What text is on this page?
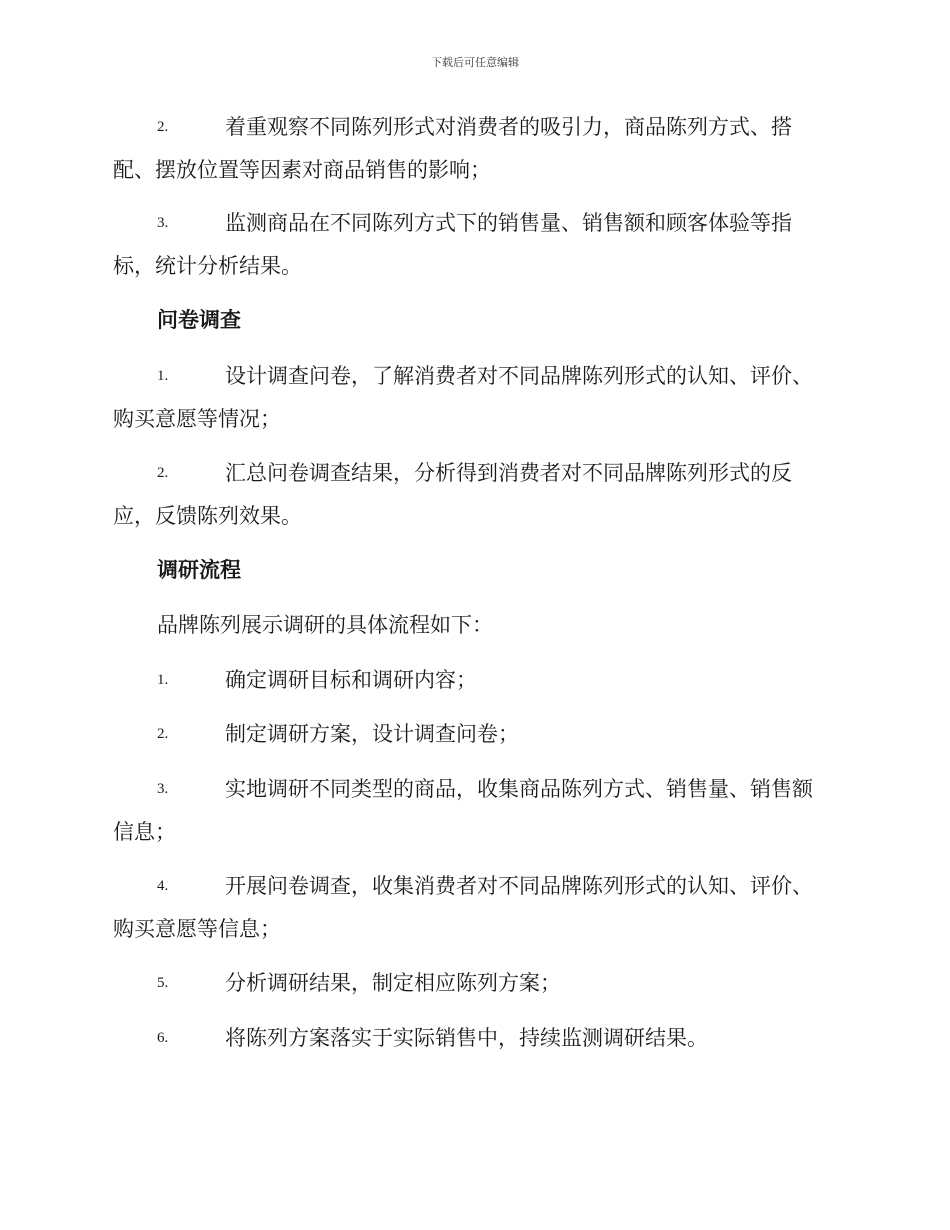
下载后可任意编辑
2.	着重观察不同陈列形式对消费者的吸引力，商品陈列方式、搭
配、摆放位置等因素对商品销售的影响；
3.	监测商品在不同陈列方式下的销售量、销售额和顾客体验等指
标，统计分析结果。
问卷调查
1.	设计调查问卷，了解消费者对不同品牌陈列形式的认知、评价、
购买意愿等情况；
2.	汇总问卷调查结果，分析得到消费者对不同品牌陈列形式的反
应，反馈陈列效果。
调研流程
品牌陈列展示调研的具体流程如下：
1.	确定调研目标和调研内容；
2.	制定调研方案，设计调查问卷；
3.	实地调研不同类型的商品，收集商品陈列方式、销售量、销售额
信息；
4.	开展问卷调查，收集消费者对不同品牌陈列形式的认知、评价、
购买意愿等信息；
5.	分析调研结果，制定相应陈列方案；
6.	将陈列方案落实于实际销售中，持续监测调研结果。
